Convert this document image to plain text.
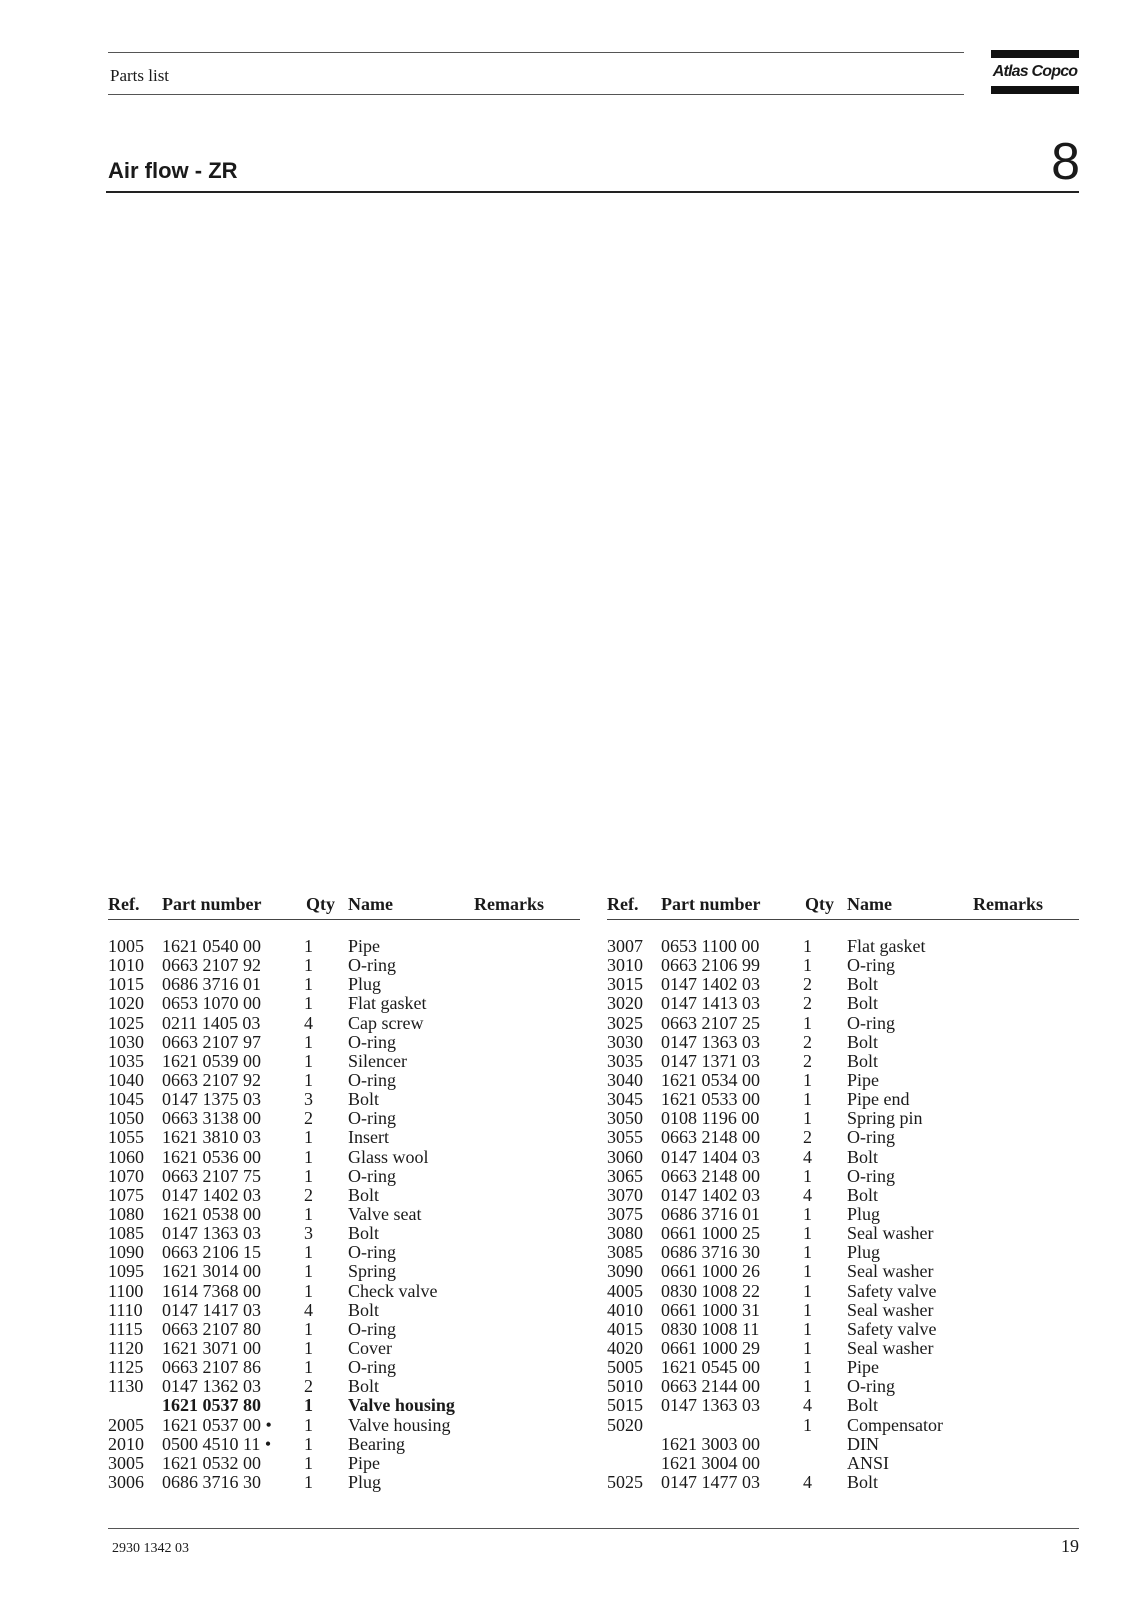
Parts list	Atlas Copco
Air flow - ZR	8
Ref. Part number Qty Name	Remarks
1005 1621 0540 00 1 Pipe
1010 0663 2107 92 1 O-ring
1015 0686 3716 01 1 Plug
1020 0653 1070 00 1 Flat gasket
1025 0211 1405 03 4 Cap screw
1030 0663 2107 97 1 O-ring
1035 1621 0539 00 1 Silencer
1040 0663 2107 92 1 O-ring
1045 0147 1375 03 3 Bolt
1050 0663 3138 00 2 O-ring
1055 1621 3810 03 1 Insert
1060 1621 0536 00 1 Glass wool
1070 0663 2107 75 1 O-ring
1075 0147 1402 03 2 Bolt
1080 1621 0538 00 1 Valve seat
1085 0147 1363 03 3 Bolt
1090 0663 2106 15 1 O-ring
1095 1621 3014 00 1 Spring
1100 1614 7368 00 1 Check valve
1110 0147 1417 03 4 Bolt
1115 0663 2107 80 1 O-ring
1120 1621 3071 00 1 Cover
1125 0663 2107 86 1 O-ring
1130 0147 1362 03 2 Bolt
1621 0537 80 1 Valve housing
2005 1621 0537 00 • 1 Valve housing
2010 0500 4510 11 • 1 Bearing
3005 1621 0532 00 1 Pipe
3006 0686 3716 30 1 Plug
Ref. Part number Qty Name	Remarks
3007 0653 1100 00 1 Flat gasket
3010 0663 2106 99 1 O-ring
3015 0147 1402 03 2 Bolt
3020 0147 1413 03 2 Bolt
3025 0663 2107 25 1 O-ring
3030 0147 1363 03 2 Bolt
3035 0147 1371 03 2 Bolt
3040 1621 0534 00 1 Pipe
3045 1621 0533 00 1 Pipe end
3050 0108 1196 00 1 Spring pin
3055 0663 2148 00 2 O-ring
3060 0147 1404 03 4 Bolt
3065 0663 2148 00 1 O-ring
3070 0147 1402 03 4 Bolt
3075 0686 3716 01 1 Plug
3080 0661 1000 25 1 Seal washer
3085 0686 3716 30 1 Plug
3090 0661 1000 26 1 Seal washer
4005 0830 1008 22 1 Safety valve
4010 0661 1000 31 1 Seal washer
4015 0830 1008 11 1 Safety valve
4020 0661 1000 29 1 Seal washer
5005 1621 0545 00 1 Pipe
5010 0663 2144 00 1 O-ring
5015 0147 1363 03 4 Bolt
5020	1 Compensator
1621 3003 00	DIN
1621 3004 00	ANSI
5025 0147 1477 03 4 Bolt
2930 1342 03	19
